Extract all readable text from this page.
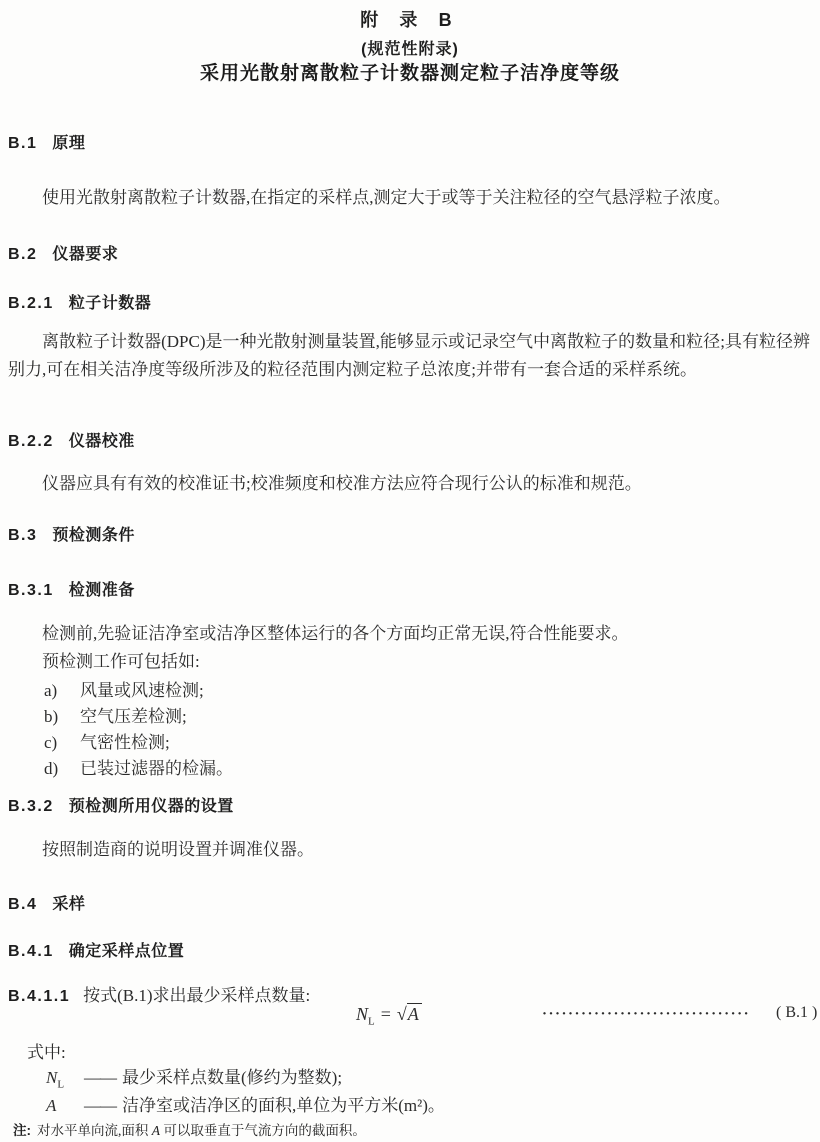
附 录 B
(规范性附录)
采用光散射离散粒子计数器测定粒子洁净度等级
B.1 原理
使用光散射离散粒子计数器,在指定的采样点,测定大于或等于关注粒径的空气悬浮粒子浓度。
B.2 仪器要求
B.2.1 粒子计数器
离散粒子计数器(DPC)是一种光散射测量装置,能够显示或记录空气中离散粒子的数量和粒径;具有粒径辨别力,可在相关洁净度等级所涉及的粒径范围内测定粒子总浓度;并带有一套合适的采样系统。
B.2.2 仪器校准
仪器应具有有效的校准证书;校准频度和校准方法应符合现行公认的标准和规范。
B.3 预检测条件
B.3.1 检测准备
检测前,先验证洁净室或洁净区整体运行的各个方面均正常无误,符合性能要求。
预检测工作可包括如:
a) 风量或风速检测;
b) 空气压差检测;
c) 气密性检测;
d) 已装过滤器的检漏。
B.3.2 预检测所用仪器的设置
按照制造商的说明设置并调准仪器。
B.4 采样
B.4.1 确定采样点位置
B.4.1.1 按式(B.1)求出最少采样点数量:
$N_L = √A$	································	( B.1 )
式中:
$N_L$ —— 最少采样点数量(修约为整数);
A —— 洁净室或洁净区的面积,单位为平方米(m²)。
注: 对水平单向流,面积 A 可以取垂直于气流方向的截面积。
